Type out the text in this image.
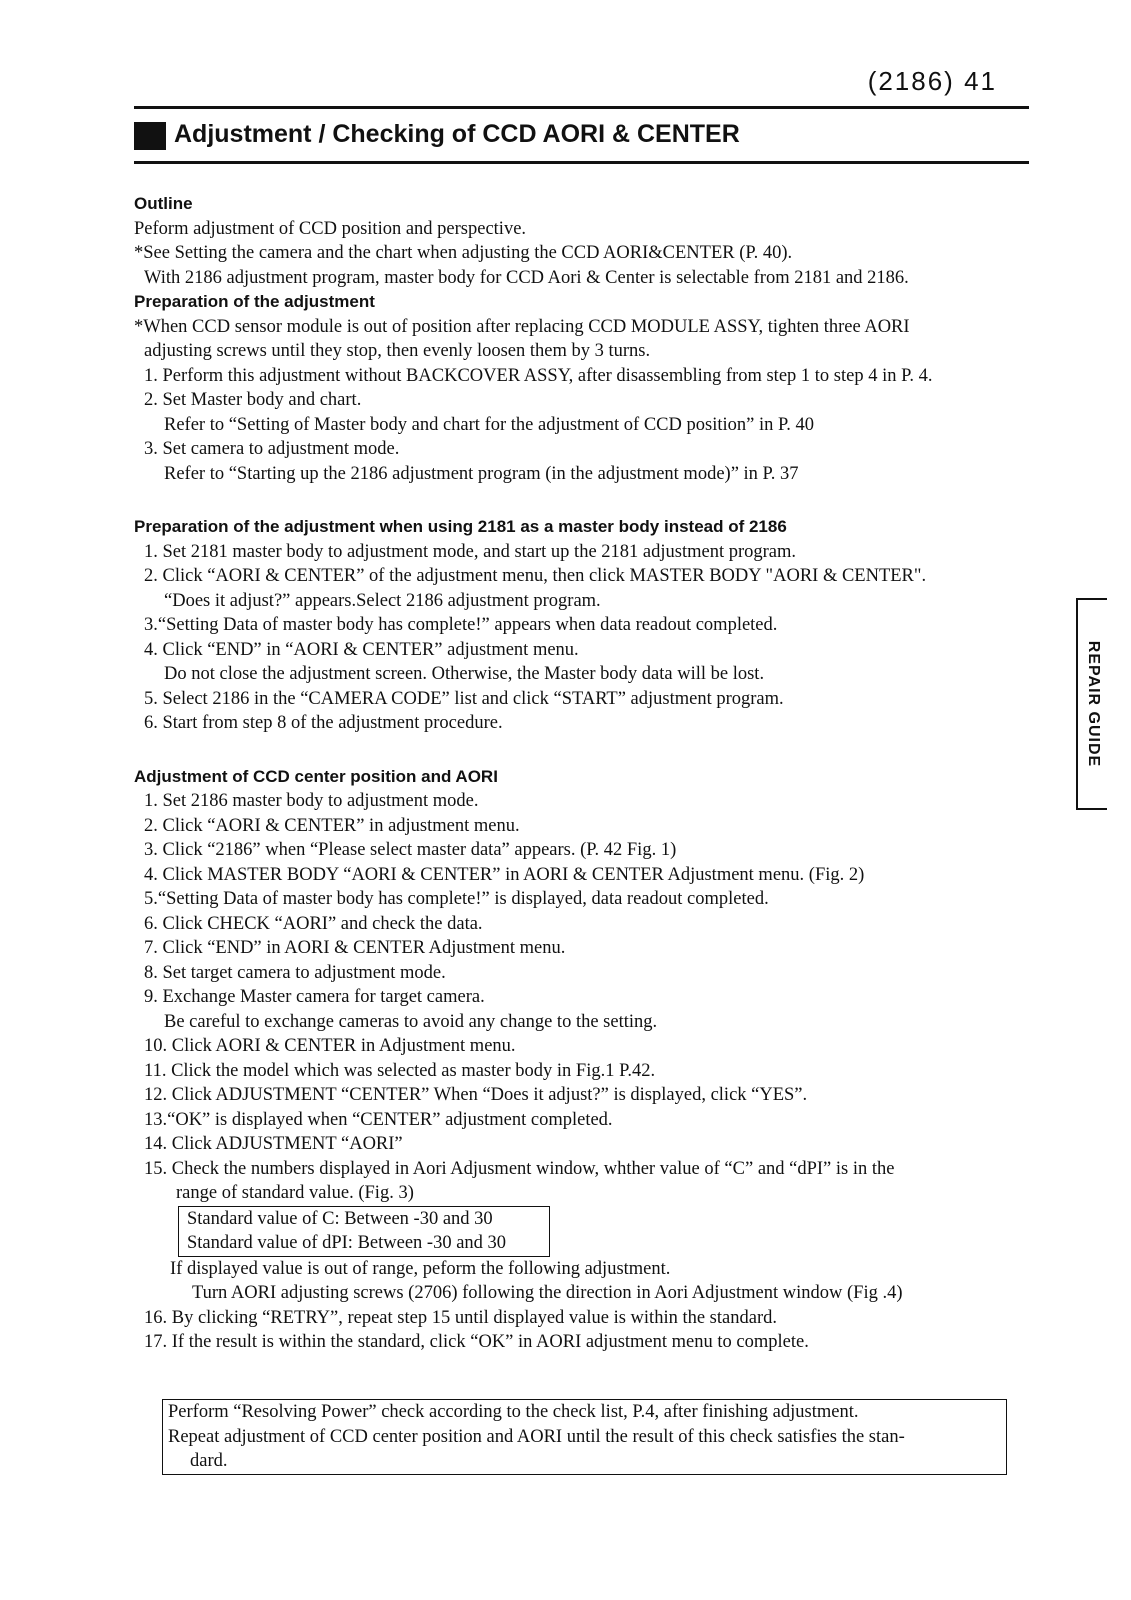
(2186) 41
Adjustment / Checking of CCD AORI & CENTER
Outline
Peform adjustment of CCD position and perspective.
*See Setting the camera and the chart when adjusting the CCD AORI&CENTER (P. 40).
With 2186 adjustment program, master body for CCD Aori & Center is selectable from 2181 and 2186.
Preparation of the adjustment
*When CCD sensor module is out of position after replacing CCD MODULE ASSY, tighten three AORI
adjusting screws until they stop, then evenly loosen them by 3 turns.
1. Perform this adjustment without BACKCOVER ASSY, after disassembling from step 1 to step 4 in P. 4.
2. Set Master body and chart.
Refer to “Setting of Master body and chart for the adjustment of CCD position” in P. 40
3. Set camera to adjustment mode.
Refer to “Starting up the 2186 adjustment program (in the adjustment mode)” in P. 37
Preparation of the adjustment when using 2181 as a master body instead of 2186
1. Set 2181 master body to adjustment mode, and start up the 2181 adjustment program.
2. Click “AORI & CENTER” of the adjustment menu, then click MASTER BODY "AORI & CENTER".
“Does it adjust?” appears.Select 2186 adjustment program.
3.“Setting Data of master body has complete!” appears when data readout completed.
4. Click “END” in “AORI & CENTER” adjustment menu.
Do not close the adjustment screen. Otherwise, the Master body data will be lost.
5. Select 2186 in the “CAMERA CODE” list and click “START” adjustment program.
6. Start from step 8 of the adjustment procedure.
Adjustment of CCD center position and AORI
1. Set 2186 master body to adjustment mode.
2. Click “AORI & CENTER” in adjustment menu.
3. Click “2186” when “Please select master data” appears. (P. 42 Fig. 1)
4. Click MASTER BODY “AORI & CENTER” in AORI & CENTER Adjustment menu. (Fig. 2)
5.“Setting Data of master body has complete!” is displayed, data readout completed.
6. Click CHECK “AORI” and check the data.
7. Click “END” in AORI & CENTER Adjustment menu.
8. Set target camera to adjustment mode.
9. Exchange Master camera for target camera.
Be careful to exchange cameras to avoid any change to the setting.
10. Click AORI & CENTER in Adjustment menu.
11. Click the model which was selected as master body in Fig.1 P.42.
12. Click ADJUSTMENT “CENTER” When “Does it adjust?” is displayed, click “YES”.
13.“OK” is displayed when “CENTER” adjustment completed.
14. Click ADJUSTMENT “AORI”
15. Check the numbers displayed in Aori Adjusment window, whther value of “C” and “dPI” is in the
range of standard value. (Fig. 3)
Standard value of C: Between -30 and 30
Standard value of dPI: Between -30 and 30
If displayed value is out of range, peform the following adjustment.
Turn AORI adjusting screws (2706) following the direction in Aori Adjustment window (Fig .4)
16. By clicking “RETRY”, repeat step 15 until displayed value is within the standard.
17. If the result is within the standard, click “OK” in AORI adjustment menu to complete.
Perform “Resolving Power” check according to the check list, P.4, after finishing adjustment.
Repeat adjustment of CCD center position and AORI until the result of this check satisfies the stan-
dard.
REPAIR GUIDE
